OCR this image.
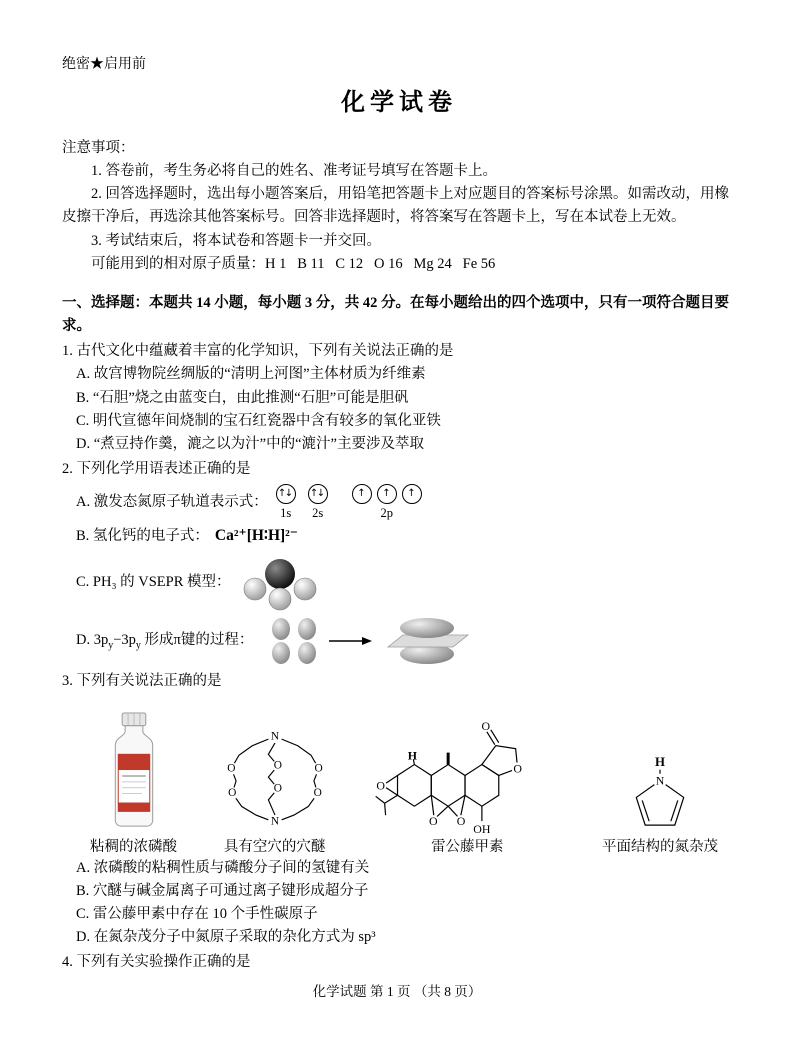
绝密★启用前
化学试卷

注意事项：

1. 答卷前，考生务必将自己的姓名、准考证号填写在答题卡上。

2. 回答选择题时，选出每小题答案后，用铅笔把答题卡上对应题目的答案标号涂黑。如需改动，用橡皮擦干净后，再选涂其他答案标号。回答非选择题时，将答案写在答题卡上，写在本试卷上无效。

3. 考试结束后，将本试卷和答题卡一并交回。

可能用到的相对原子质量：H 1   B 11   C 12   O 16   Mg 24   Fe 56

一、选择题：本题共 14 小题，每小题 3 分，共 42 分。在每小题给出的四个选项中，只有一项符合题目要求。

1. 古代文化中蕴藏着丰富的化学知识，下列有关说法正确的是

A. 故宫博物院丝绸版的“清明上河图”主体材质为纤维素

B. “石胆”烧之由蓝变白，由此推测“石胆”可能是胆矾

C. 明代宣德年间烧制的宝石红瓷器中含有较多的氧化亚铁

D. “煮豆持作羹，漉之以为汁”中的“漉汁”主要涉及萃取

2. 下列化学用语表述正确的是

A. 激发态氮原子轨道表示式：
↑↓
1s
↑↓
2s
↑	↑	↑
2p
B. 氢化钙的电子式： Ca²⁺[H∶H]²⁻
C. PH₃ 的 VSEPR 模型：
D. $3p_y-3p_y$ 形成π键的过程：

3. 下列有关说法正确的是

粘稠的浓磷酸
N
N
O
O
O
O
O
O
具有空穴的穴醚
O
O O
O
O
OH
H
雷公藤甲素
N
H
平面结构的氮杂茂

A. 浓磷酸的粘稠性质与磷酸分子间的氢键有关

B. 穴醚与碱金属离子可通过离子键形成超分子

C. 雷公藤甲素中存在 10 个手性碳原子

D. 在氮杂茂分子中氮原子采取的杂化方式为 sp³

4. 下列有关实验操作正确的是

化学试题 第 1 页 （共 8 页）
